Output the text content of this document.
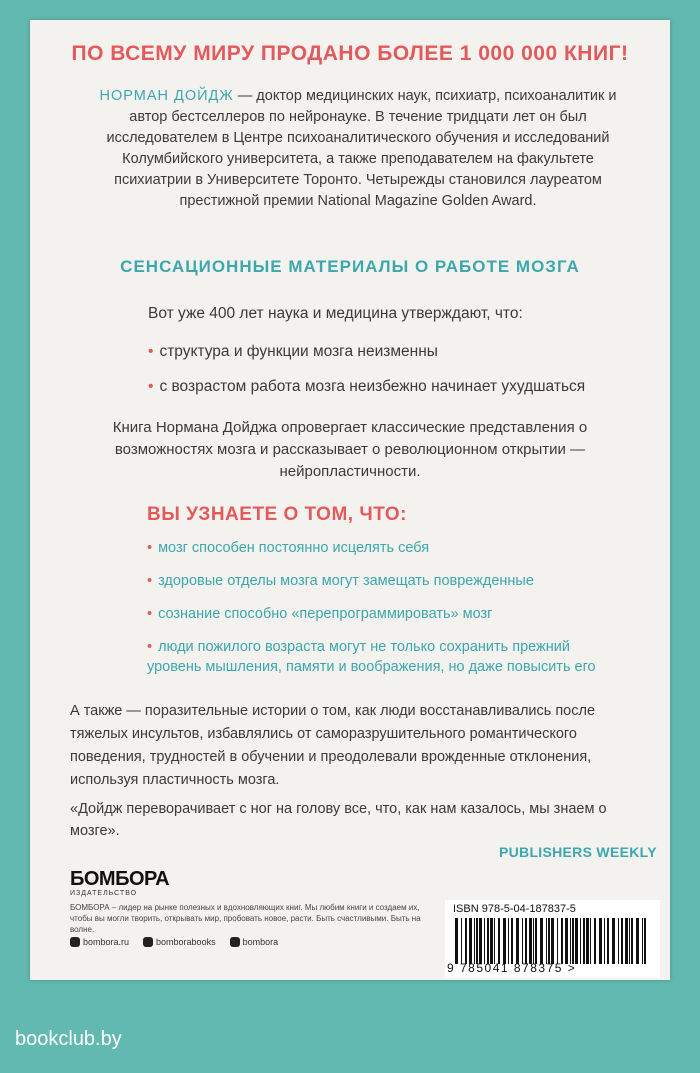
ПО ВСЕМУ МИРУ ПРОДАНО БОЛЕЕ 1 000 000 КНИГ!
НОРМАН ДОЙДЖ — доктор медицинских наук, психиатр, психоаналитик и автор бестселлеров по нейронауке. В течение тридцати лет он был исследователем в Центре психоаналитического обучения и исследований Колумбийского университета, а также преподавателем на факультете психиатрии в Университете Торонто. Четырежды становился лауреатом престижной премии National Magazine Golden Award.
СЕНСАЦИОННЫЕ МАТЕРИАЛЫ О РАБОТЕ МОЗГА
Вот уже 400 лет наука и медицина утверждают, что:
• структура и функции мозга неизменны
• с возрастом работа мозга неизбежно начинает ухудшаться
Книга Нормана Дойджа опровергает классические представления о возможностях мозга и рассказывает о революционном открытии — нейропластичности.
ВЫ УЗНАЕТЕ О ТОМ, ЧТО:
• мозг способен постоянно исцелять себя
• здоровые отделы мозга могут замещать поврежденные
• сознание способно «перепрограммировать» мозг
• люди пожилого возраста могут не только сохранить прежний уровень мышления, памяти и воображения, но даже повысить его
А также — поразительные истории о том, как люди восстанавливались после тяжелых инсультов, избавлялись от саморазрушительного романтического поведения, трудностей в обучении и преодолевали врожденные отклонения, используя пластичность мозга.
«Дойдж переворачивает с ног на голову все, что, как нам казалось, мы знаем о мозге».
PUBLISHERS WEEKLY
БОМБОРА
ИЗДАТЕЛЬСТВО
БОМБОРА – лидер на рынке полезных и вдохновляющих книг. Мы любим книги и создаем их, чтобы вы могли творить, открывать мир, пробовать новое, расти. Быть счастливыми. Быть на волне.
bombora.ru	bomborabooks	bombora
ISBN 978-5-04-187837-5
9 785041 878375 >
bookclub.by
